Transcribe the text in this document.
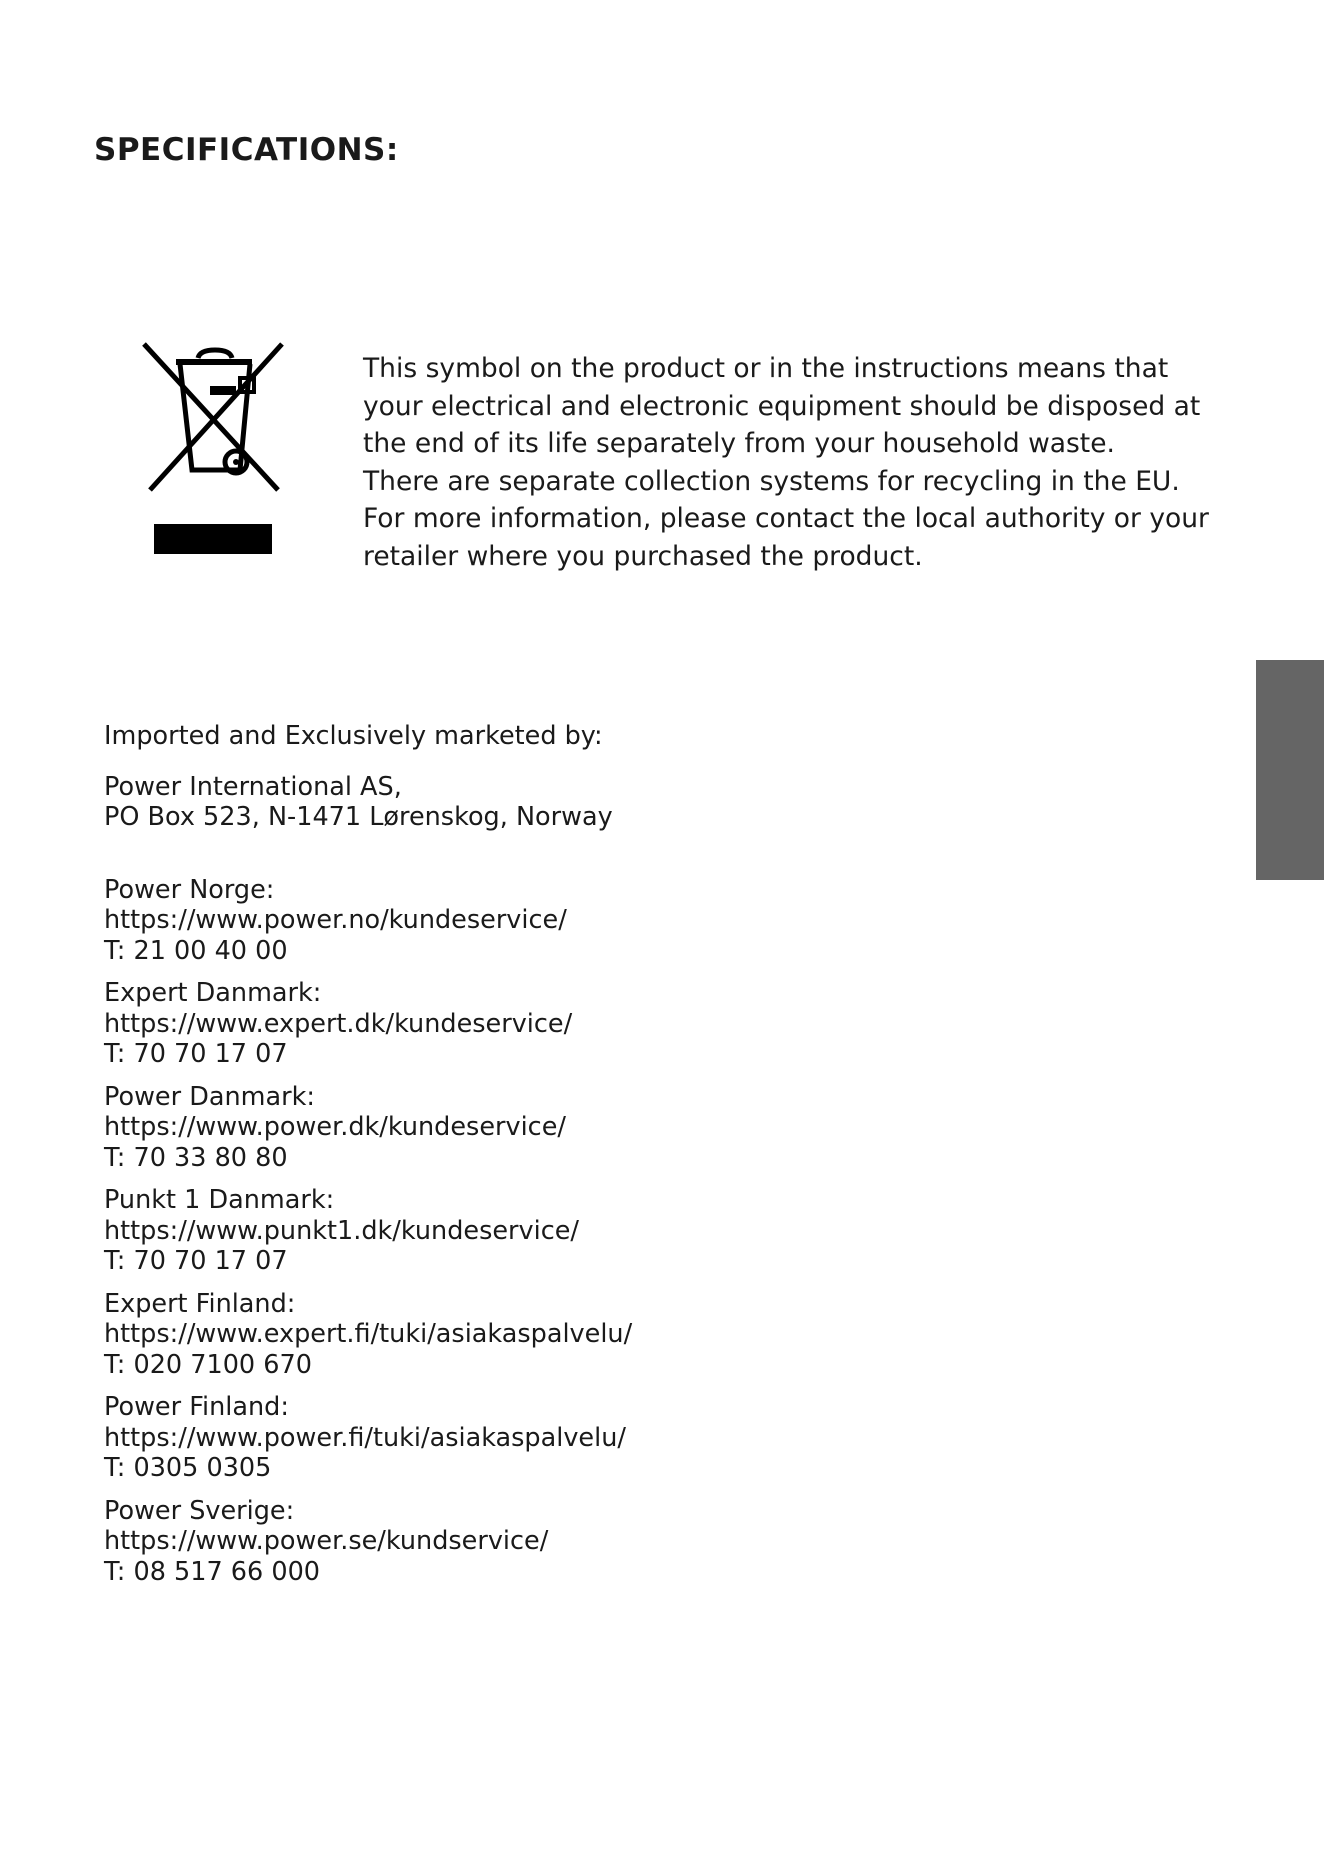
SPECIFICATIONS:

This symbol on the product or in the instructions means that

your electrical and electronic equipment should be disposed at

the end of its life separately from your household waste.

There are separate collection systems for recycling in the EU.

For more information, please contact the local authority or your

retailer where you purchased the product.

Imported and Exclusively marketed by:

Power International AS,

PO Box 523, N-1471 Lørenskog, Norway

Power Norge:

https://www.power.no/kundeservice/

T: 21 00 40 00

Expert Danmark:

https://www.expert.dk/kundeservice/

T: 70 70 17 07

Power Danmark:

https://www.power.dk/kundeservice/

T: 70 33 80 80

Punkt 1 Danmark:

https://www.punkt1.dk/kundeservice/

T: 70 70 17 07

Expert Finland:

https://www.expert.fi/tuki/asiakaspalvelu/

T: 020 7100 670

Power Finland:

https://www.power.fi/tuki/asiakaspalvelu/

T: 0305 0305

Power Sverige:

https://www.power.se/kundservice/

T: 08 517 66 000
